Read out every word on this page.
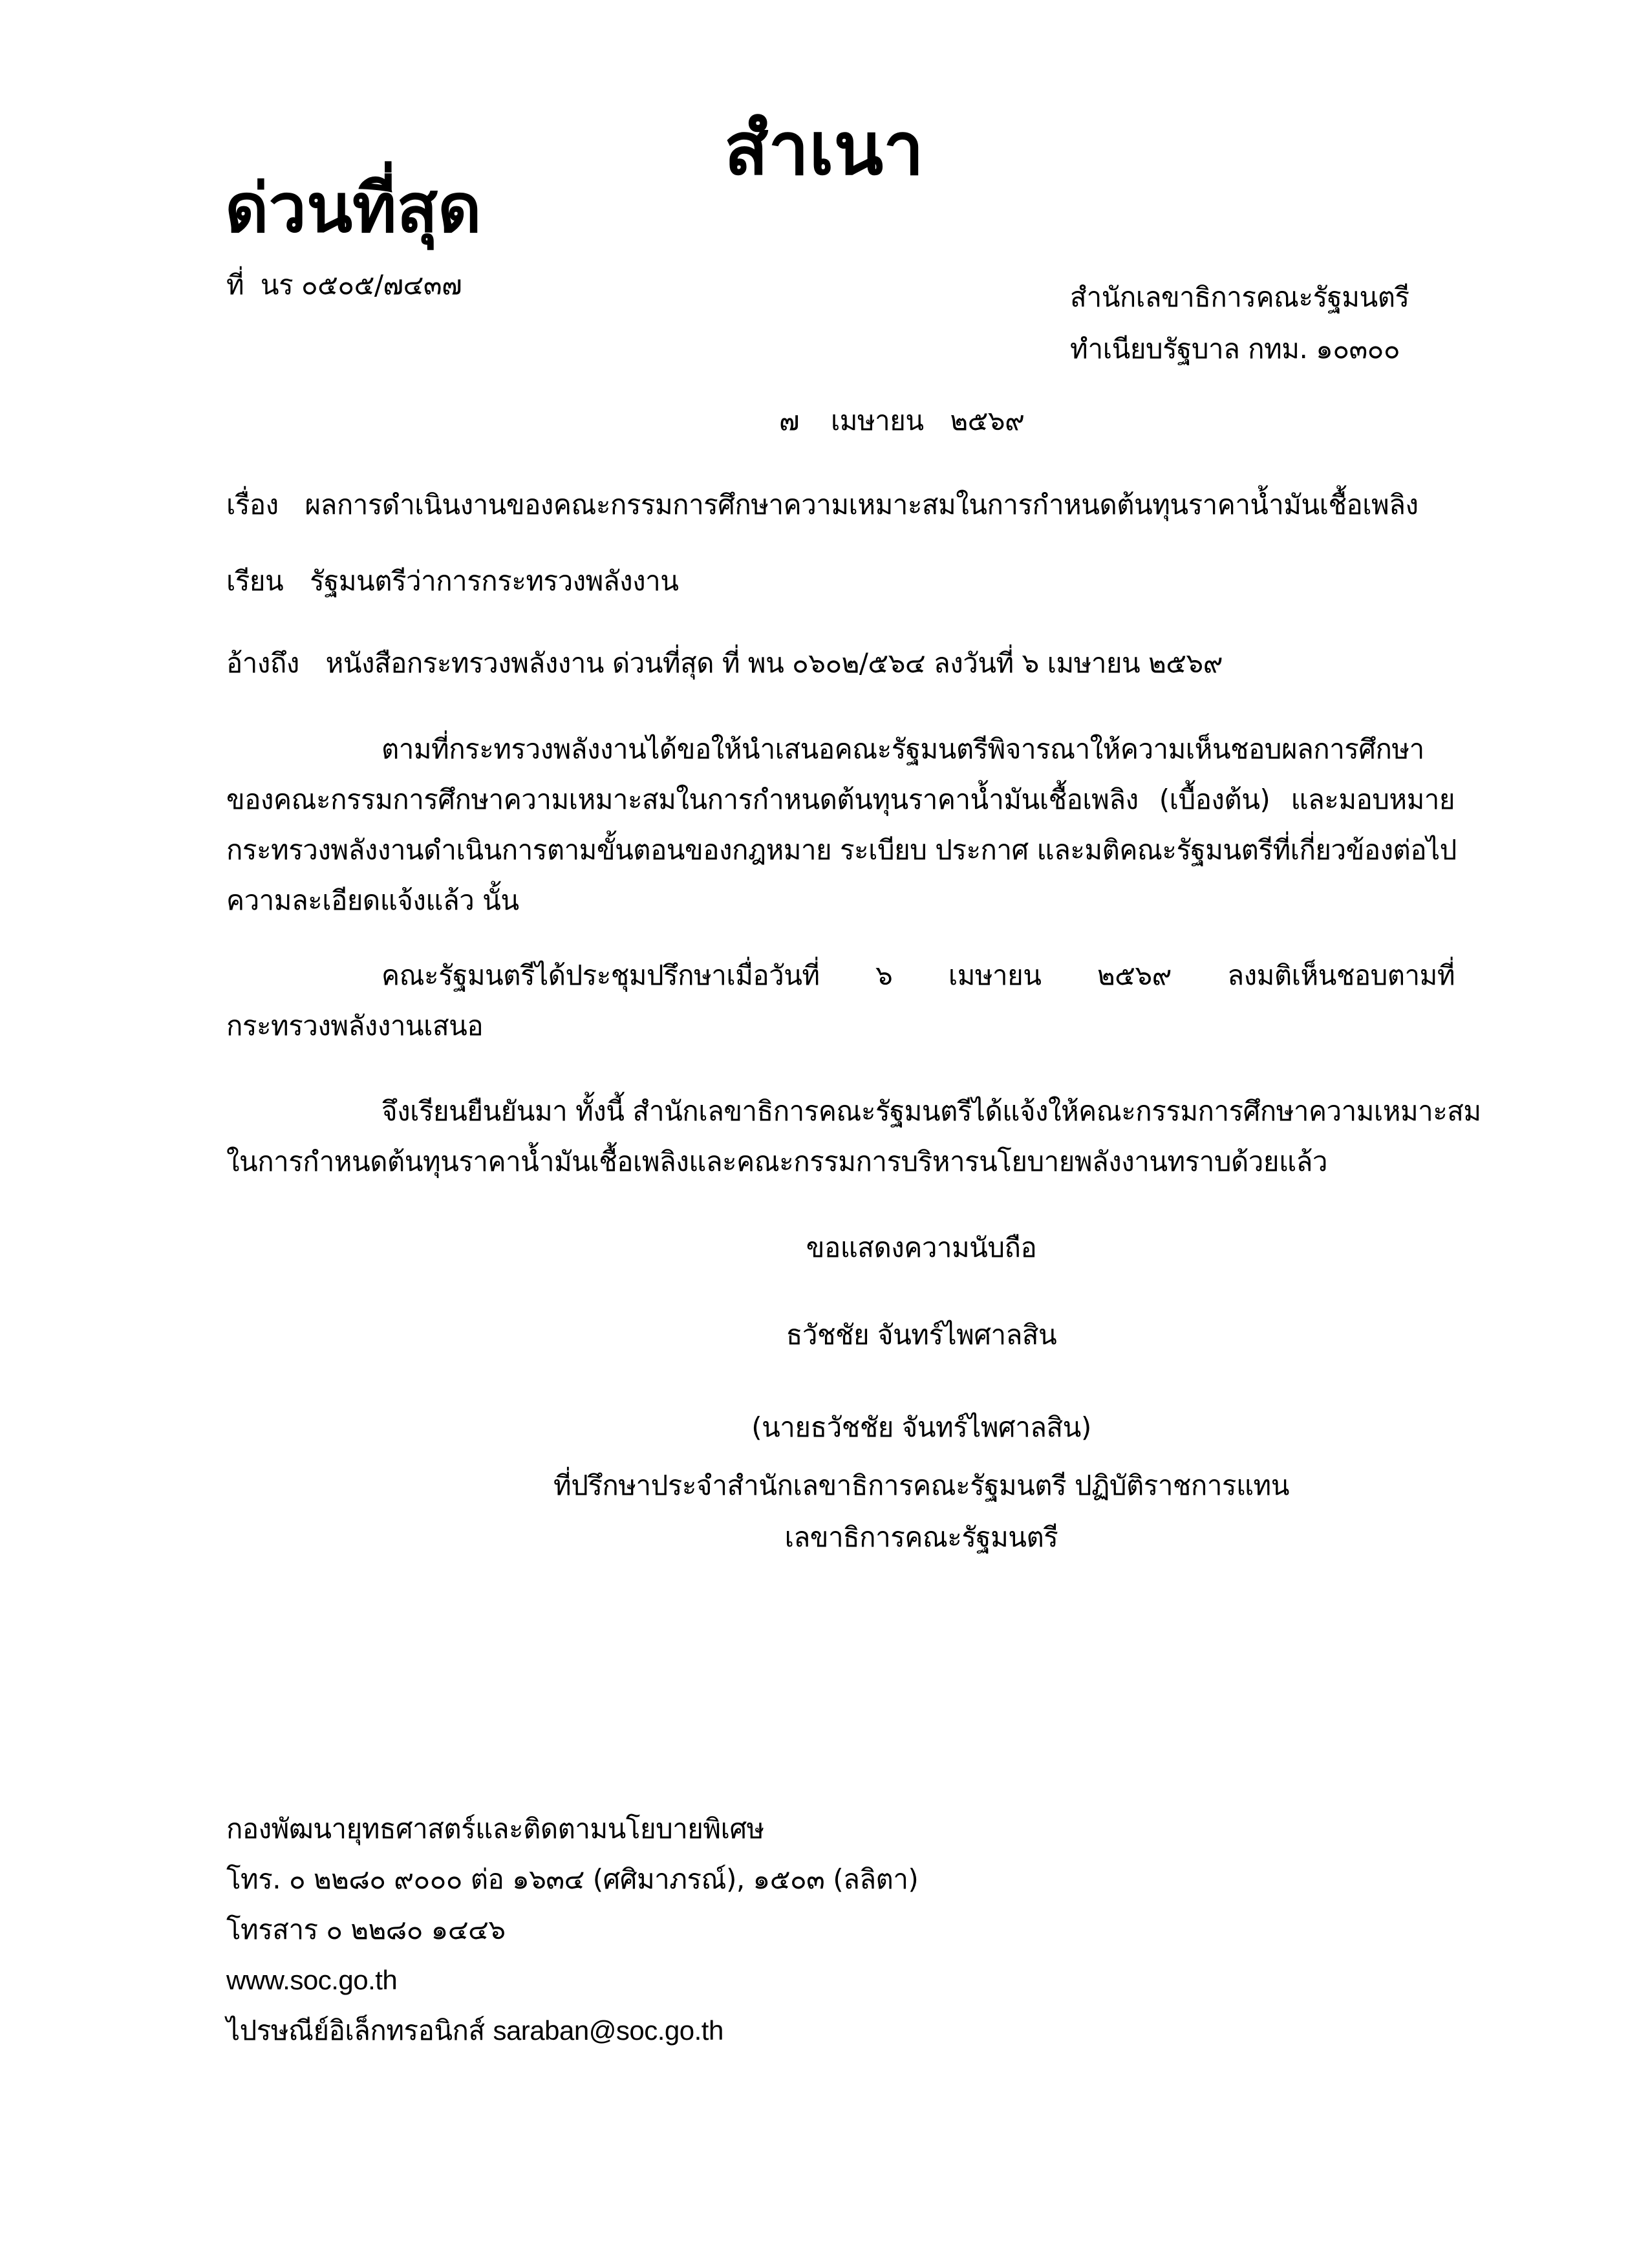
สำเนา
ด่วนที่สุด
ที่ นร ๐๕๐๕/๗๔๓๗	สำนักเลขาธิการคณะรัฐมนตรี
ทำเนียบรัฐบาล กทม. ๑๐๓๐๐
๗ เมษายน ๒๕๖๙
เรื่อง ผลการดำเนินงานของคณะกรรมการศึกษาความเหมาะสมในการกำหนดต้นทุนราคาน้ำมันเชื้อเพลิง
เรียน รัฐมนตรีว่าการกระทรวงพลังงาน
อ้างถึง หนังสือกระทรวงพลังงาน ด่วนที่สุด ที่ พน ๐๖๐๒/๕๖๔ ลงวันที่ ๖ เมษายน ๒๕๖๙
ตามที่กระทรวงพลังงานได้ขอให้นำเสนอคณะรัฐมนตรีพิจารณาให้ความเห็นชอบผลการศึกษา
ของคณะกรรมการศึกษาความเหมาะสมในการกำหนดต้นทุนราคาน้ำมันเชื้อเพลิง (เบื้องต้น) และมอบหมาย
กระทรวงพลังงานดำเนินการตามขั้นตอนของกฎหมาย ระเบียบ ประกาศ และมติคณะรัฐมนตรีที่เกี่ยวข้องต่อไป
ความละเอียดแจ้งแล้ว นั้น
คณะรัฐมนตรีได้ประชุมปรึกษาเมื่อวันที่ ๖ เมษายน ๒๕๖๙ ลงมติเห็นชอบตามที่
กระทรวงพลังงานเสนอ
จึงเรียนยืนยันมา ทั้งนี้ สำนักเลขาธิการคณะรัฐมนตรีได้แจ้งให้คณะกรรมการศึกษาความเหมาะสม
ในการกำหนดต้นทุนราคาน้ำมันเชื้อเพลิงและคณะกรรมการบริหารนโยบายพลังงานทราบด้วยแล้ว
ขอแสดงความนับถือ
ธวัชชัย จันทร์ไพศาลสิน
(นายธวัชชัย จันทร์ไพศาลสิน)
ที่ปรึกษาประจำสำนักเลขาธิการคณะรัฐมนตรี ปฏิบัติราชการแทน
เลขาธิการคณะรัฐมนตรี
กองพัฒนายุทธศาสตร์และติดตามนโยบายพิเศษ
โทร. ๐ ๒๒๘๐ ๙๐๐๐ ต่อ ๑๖๓๔ (ศศิมาภรณ์), ๑๕๐๓ (ลลิตา)
โทรสาร ๐ ๒๒๘๐ ๑๔๔๖
www.soc.go.th
ไปรษณีย์อิเล็กทรอนิกส์ saraban@soc.go.th
